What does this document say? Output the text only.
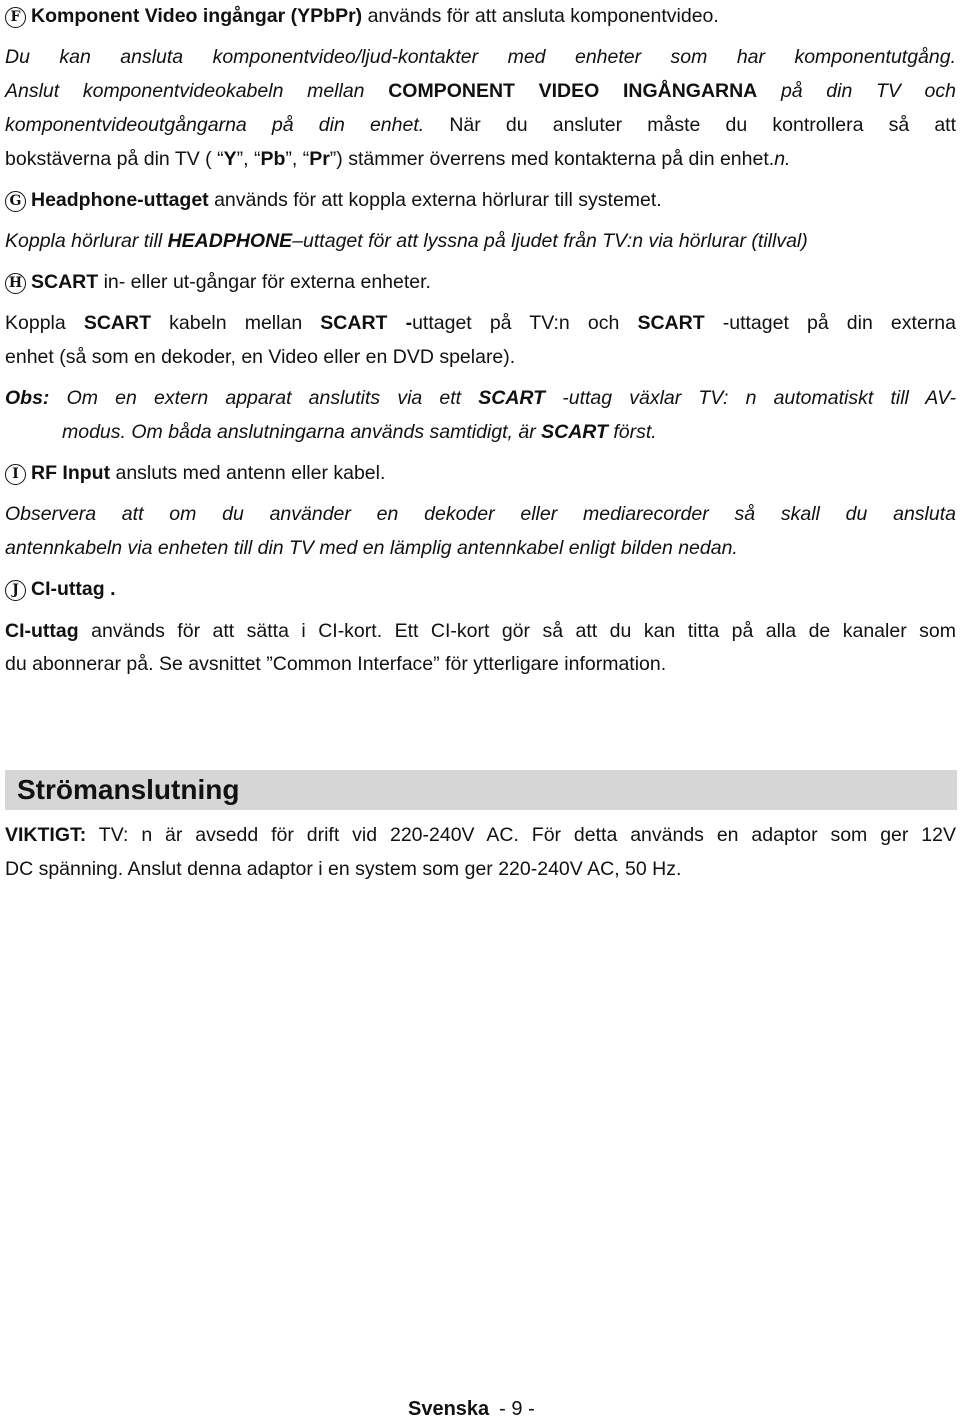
F Komponent Video ingångar (YPbPr) används för att ansluta komponentvideo.
Du kan ansluta komponentvideo/ljud-kontakter med enheter som har komponentutgång.
Anslut komponentvideokabeln mellan COMPONENT VIDEO INGÅNGARNA på din TV och
komponentvideoutgångarna på din enhet. När du ansluter måste du kontrollera så att
bokstäverna på din TV ( “Y”, “Pb”, “Pr”) stämmer överrens med kontakterna på din enhet.n.
G Headphone-uttaget används för att koppla externa hörlurar till systemet.
Koppla hörlurar till HEADPHONE–uttaget för att lyssna på ljudet från TV:n via hörlurar (tillval)
H SCART in- eller ut-gångar för externa enheter.
Koppla SCART kabeln mellan SCART -uttaget på TV:n och SCART -uttaget på din externa
enhet (så som en dekoder, en Video eller en DVD spelare).
Obs: Om en extern apparat anslutits via ett SCART -uttag växlar TV: n automatiskt till AV-
modus. Om båda anslutningarna används samtidigt, är SCART först.
I RF Input ansluts med antenn eller kabel.
Observera att om du använder en dekoder eller mediarecorder så skall du ansluta
antennkabeln via enheten till din TV med en lämplig antennkabel enligt bilden nedan.
J CI-uttag .
CI-uttag används för att sätta i CI-kort. Ett CI-kort gör så att du kan titta på alla de kanaler som
du abonnerar på. Se avsnittet ”Common Interface” för ytterligare information.
Strömanslutning
VIKTIGT: TV: n är avsedd för drift vid 220-240V AC. För detta används en adaptor som ger 12V
DC spänning. Anslut denna adaptor i en system som ger 220-240V AC, 50 Hz.
Svenska - 9 -
